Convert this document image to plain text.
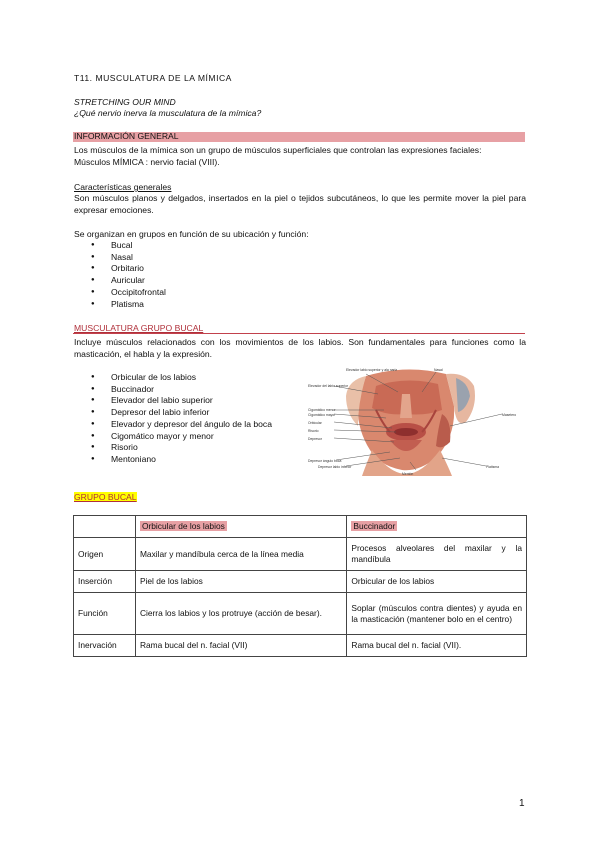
T11. MUSCULATURA DE LA MÍMICA
STRETCHING OUR MIND
¿Qué nervio inerva la musculatura de la mímica?
INFORMACIÓN GENERAL
Los músculos de la mímica son un grupo de músculos superficiales que controlan las expresiones faciales:
Músculos MÍMICA : nervio facial (VIII).
Características generales
Son músculos planos y delgados, insertados en la piel o tejidos subcutáneos, lo que les permite mover la piel para expresar emociones.
Se organizan en grupos en función de su ubicación y función:
● Bucal
● Nasal
● Orbitario
● Auricular
● Occipitofrontal
● Platisma
MUSCULATURA GRUPO BUCAL
Incluye músculos relacionados con los movimientos de los labios. Son fundamentales para funciones como la masticación, el habla y la expresión.
● Orbicular de los labios
● Buccinador
● Elevador del labio superior
● Depresor del labio inferior
● Elevador y depresor del ángulo de la boca
● Cigomático mayor y menor
● Risorio
● Mentoniano
Elevador del labio superior
Cigomático menor
Cigomático mayor
Orbicular
Risorio
Depresor
Elevador labio superior y ala nariz	Nasal
Masetero
Depresor ángulo boca
Depresor labio inferior
Mentón
Platisma
GRUPO BUCAL
	Orbicular de los labios	Buccinador
Origen	Maxilar y mandíbula cerca de la línea media	Procesos alveolares del maxilar y la mandíbula
Inserción	Piel de los labios	Orbicular de los labios
Función	Cierra los labios y los protruye (acción de besar).	Soplar (músculos contra dientes) y ayuda en la masticación (mantener bolo en el centro)
Inervación	Rama bucal del n. facial (VII)	Rama bucal del n. facial (VII).
1
